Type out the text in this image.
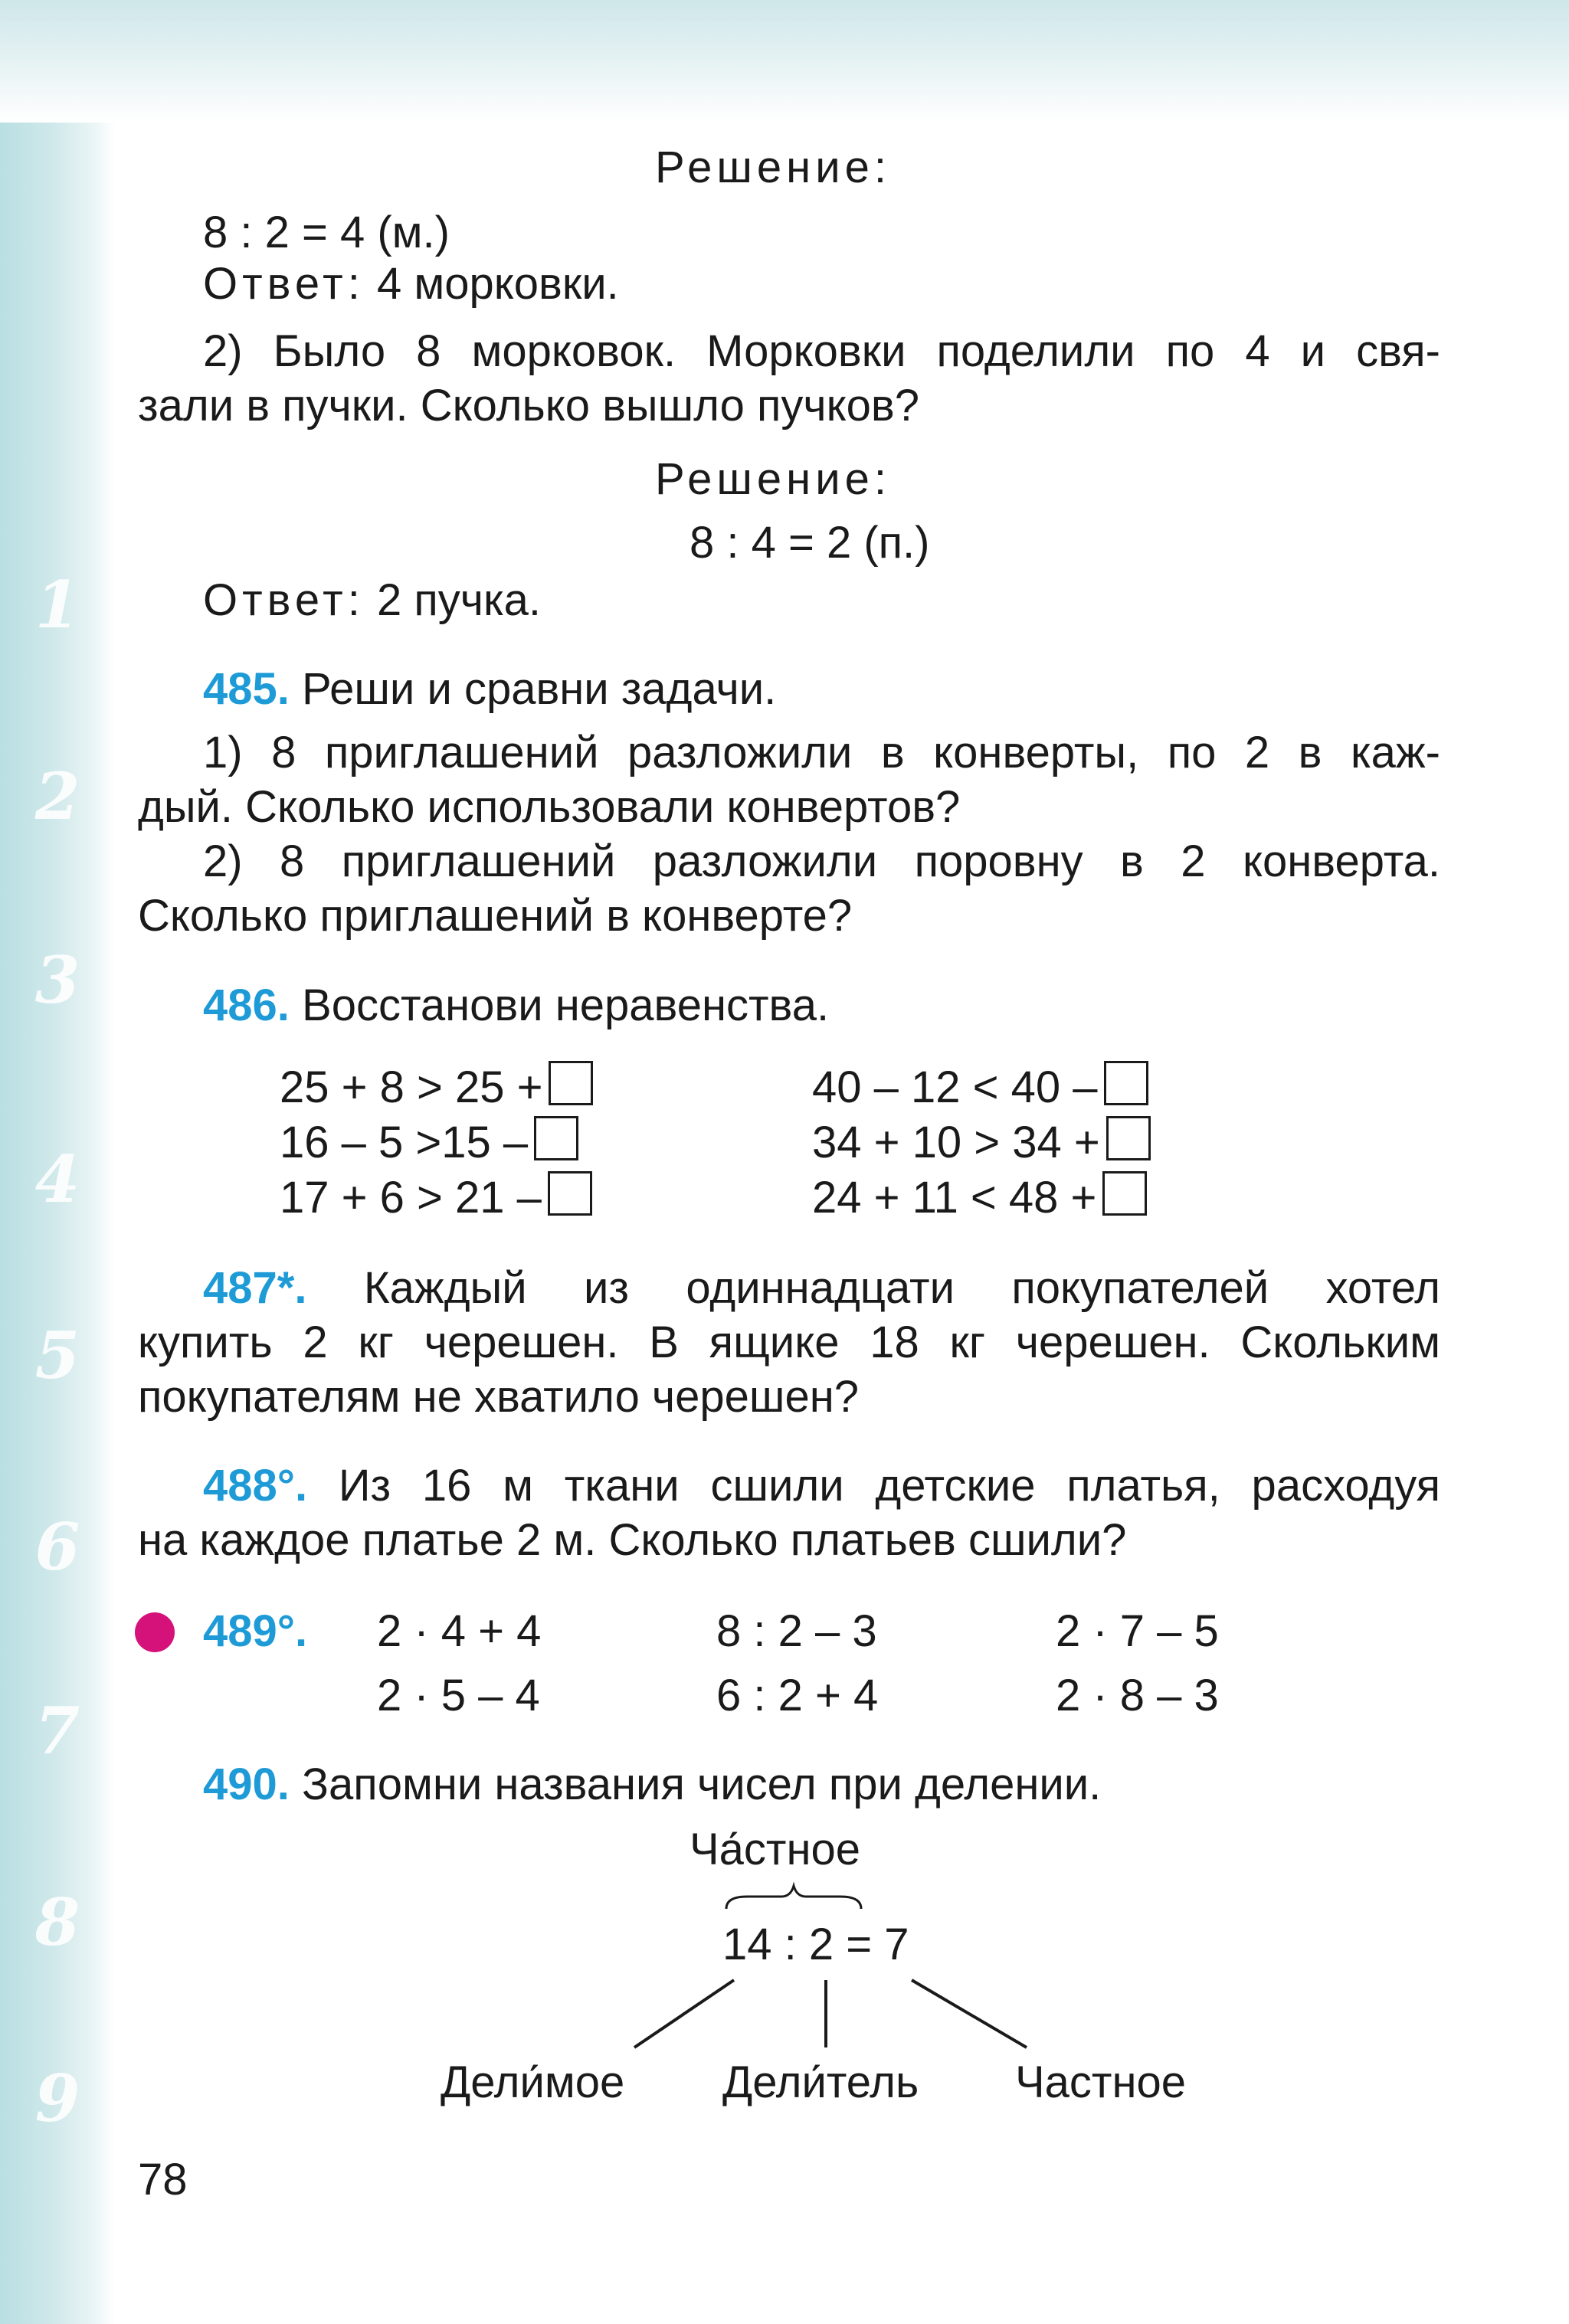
1
2
3
4
5
6
7
8
9
Решение:
8 : 2 = 4 (м.)
Ответ: 4 морковки.
2) Было 8 морковок. Морковки поделили по 4 и свя-
зали в пучки. Сколько вышло пучков?
Решение:
8 : 4 = 2 (п.)
Ответ: 2 пучка.
485. Реши и сравни задачи.
1) 8 приглашений разложили в конверты, по 2 в каж-
дый. Сколько использовали конвертов?
2) 8 приглашений разложили поровну в 2 конверта.
Сколько приглашений в конверте?
486. Восстанови неравенства.
25 + 8 > 25 +
16 – 5 >15 –
17 + 6 > 21 –
40 – 12 < 40 –
34 + 10 > 34 +
24 + 11 < 48 +
487*. Каждый из одиннадцати покупателей хотел
купить 2 кг черешен. В ящике 18 кг черешен. Скольким
покупателям не хватило черешен?
488°. Из 16 м ткани сшили детские платья, расходуя
на каждое платье 2 м. Сколько платьев сшили?
489°. 2 · 4 + 4
2 · 5 – 4
8 : 2 – 3
6 : 2 + 4
2 · 7 – 5
2 · 8 – 3
490. Запомни названия чисел при делении.
Ча́стное
14 : 2 = 7
Дели́мое Дели́тель Частное
78
